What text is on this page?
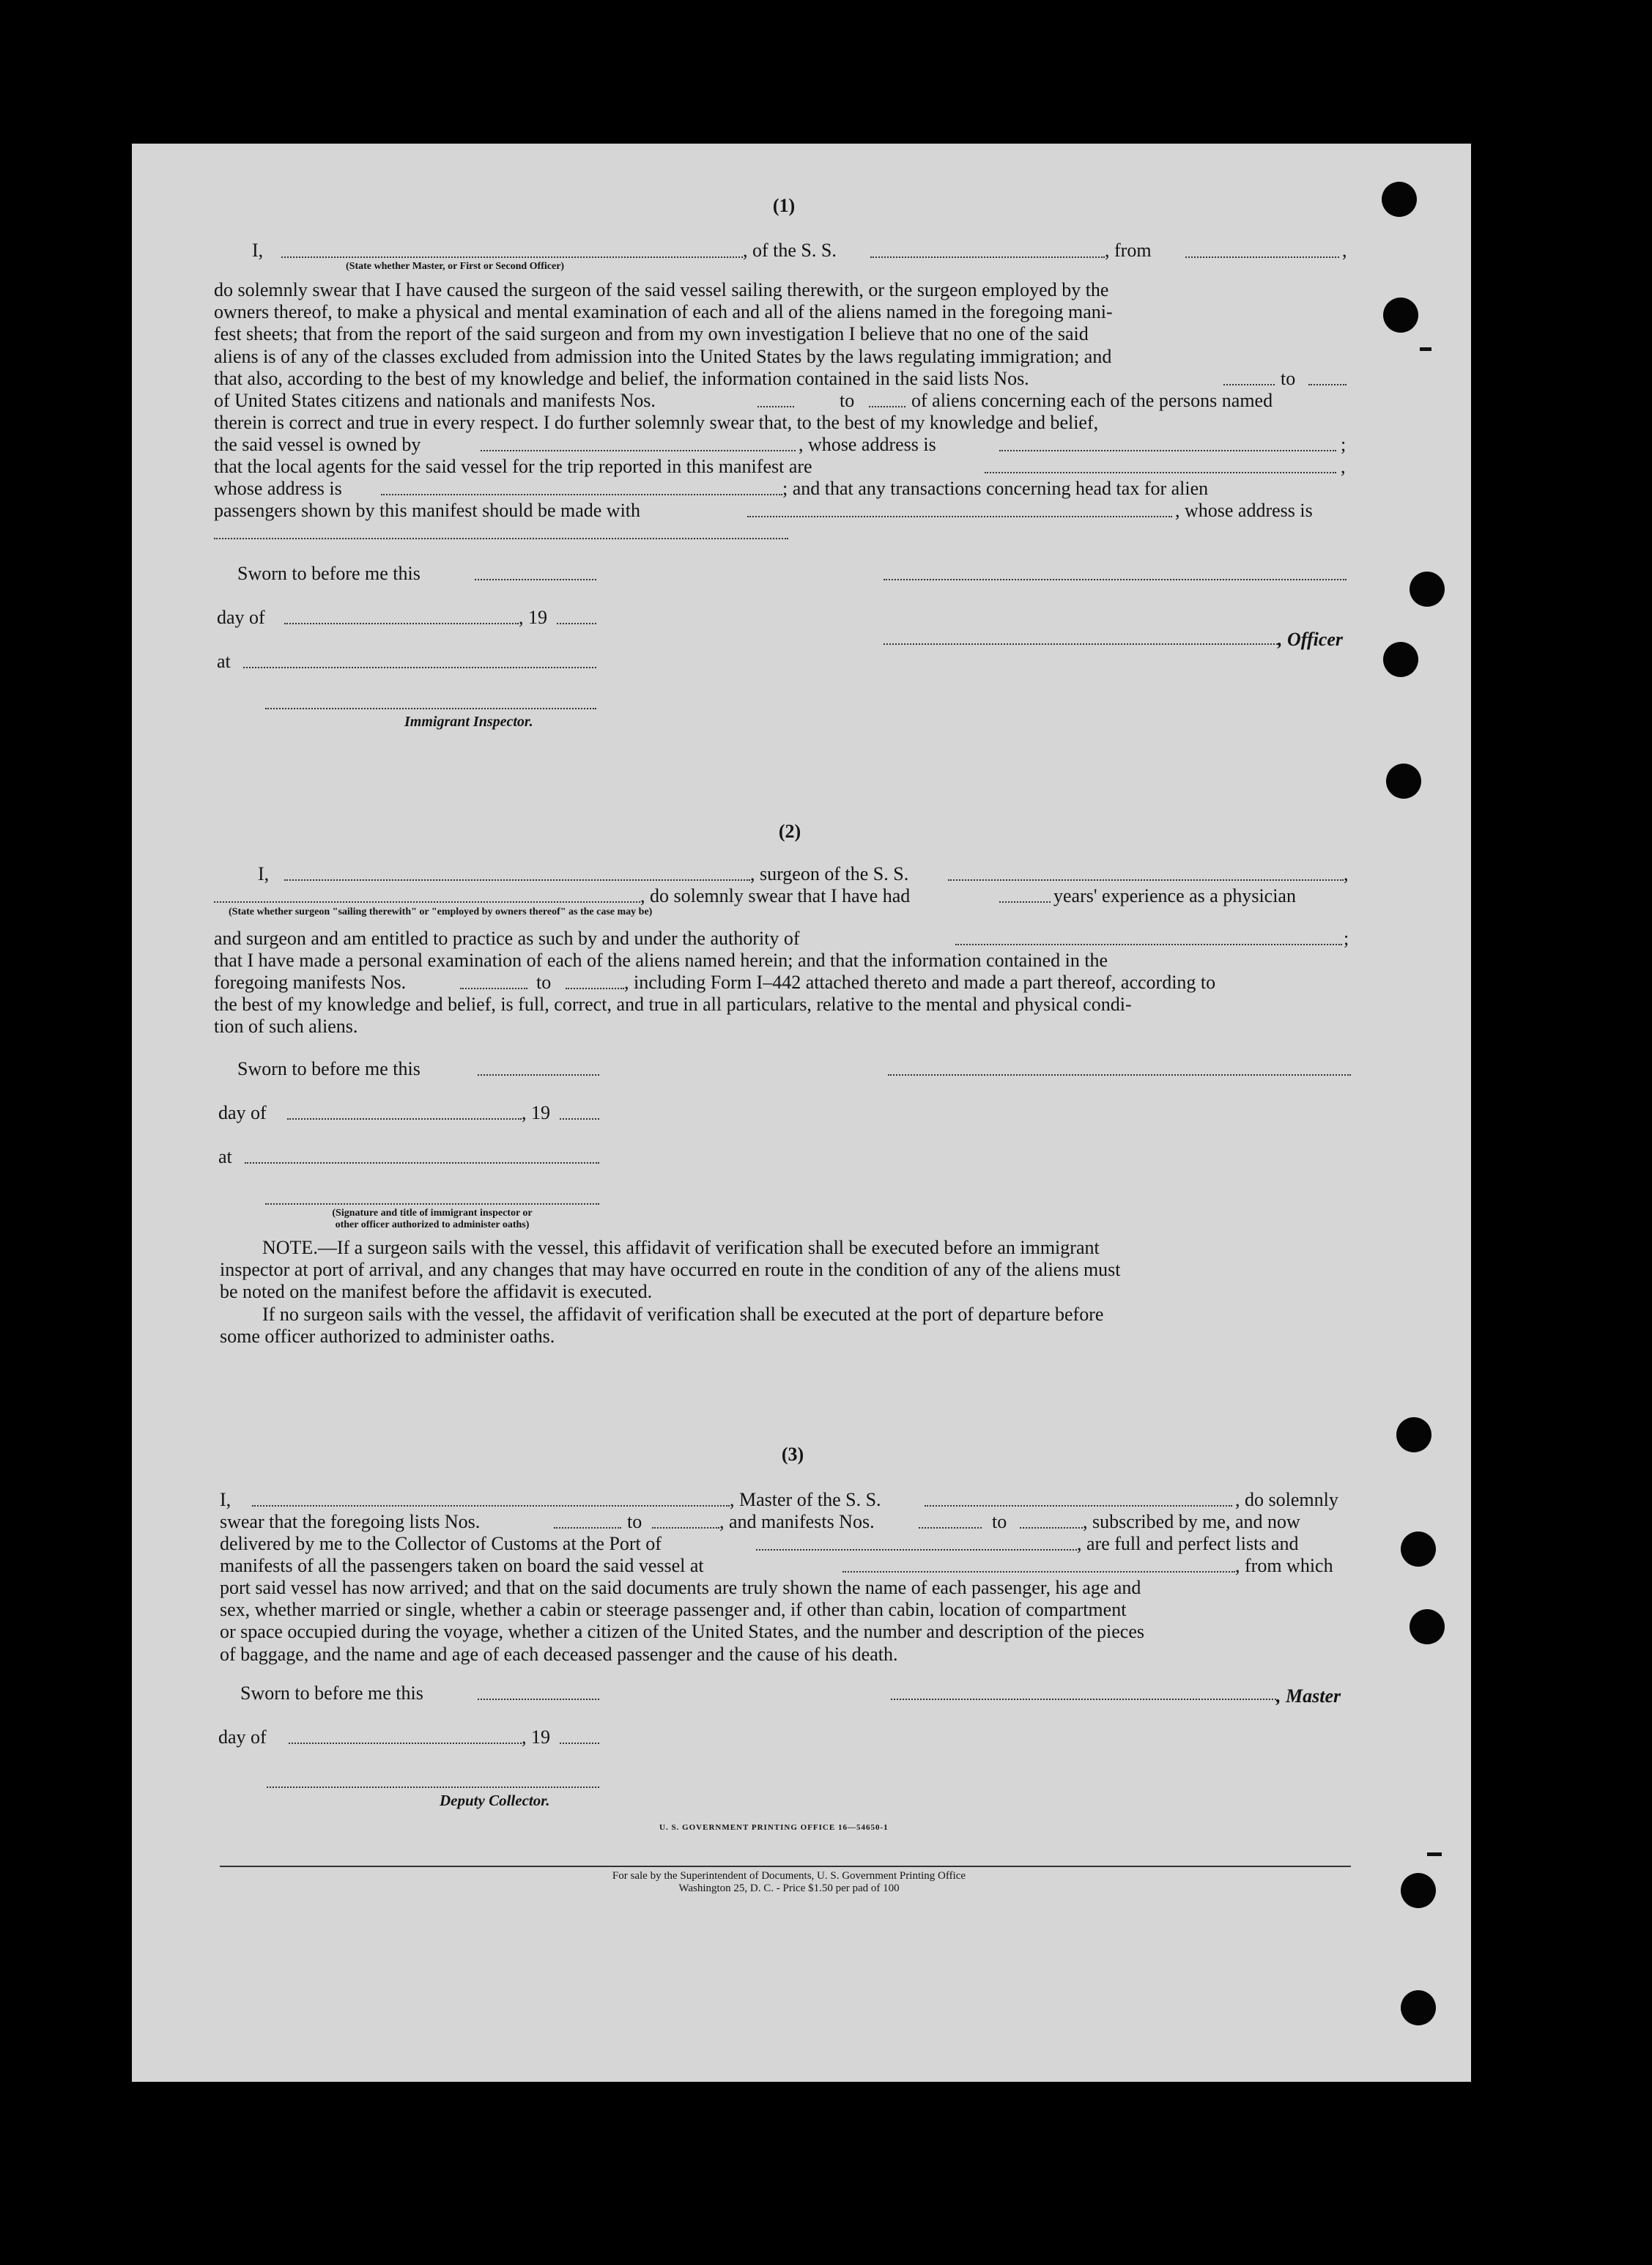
(1)
I,	, of the S. S.	, from	,
(State whether Master, or First or Second Officer)
do solemnly swear that I have caused the surgeon of the said vessel sailing therewith, or the surgeon employed by the
owners thereof, to make a physical and mental examination of each and all of the aliens named in the foregoing mani-
fest sheets; that from the report of the said surgeon and from my own investigation I believe that no one of the said
aliens is of any of the classes excluded from admission into the United States by the laws regulating immigration; and
that also, according to the best of my knowledge and belief, the information contained in the said lists Nos.	to
of United States citizens and nationals and manifests Nos.	to	of aliens concerning each of the persons named
therein is correct and true in every respect. I do further solemnly swear that, to the best of my knowledge and belief,
the said vessel is owned by	, whose address is	;
that the local agents for the said vessel for the trip reported in this manifest are	,
whose address is	; and that any transactions concerning head tax for alien
passengers shown by this manifest should be made with	, whose address is
Sworn to before me this
day of	, 19
at
Immigrant Inspector.
, Officer
(2)
I,	, surgeon of the S. S.	,
, do solemnly swear that I have had	years' experience as a physician
(State whether surgeon "sailing therewith" or "employed by owners thereof" as the case may be)
and surgeon and am entitled to practice as such by and under the authority of	;
that I have made a personal examination of each of the aliens named herein; and that the information contained in the
foregoing manifests Nos.	to	, including Form I–442 attached thereto and made a part thereof, according to
the best of my knowledge and belief, is full, correct, and true in all particulars, relative to the mental and physical condi-
tion of such aliens.
Sworn to before me this
day of	, 19
at
(Signature and title of immigrant inspector or
other officer authorized to administer oaths)
NOTE.—If a surgeon sails with the vessel, this affidavit of verification shall be executed before an immigrant
inspector at port of arrival, and any changes that may have occurred en route in the condition of any of the aliens must
be noted on the manifest before the affidavit is executed.
If no surgeon sails with the vessel, the affidavit of verification shall be executed at the port of departure before
some officer authorized to administer oaths.
(3)
I,	, Master of the S. S.	, do solemnly
swear that the foregoing lists Nos.	to	, and manifests Nos.	to	, subscribed by me, and now
delivered by me to the Collector of Customs at the Port of	, are full and perfect lists and
manifests of all the passengers taken on board the said vessel at	, from which
port said vessel has now arrived; and that on the said documents are truly shown the name of each passenger, his age and
sex, whether married or single, whether a cabin or steerage passenger and, if other than cabin, location of compartment
or space occupied during the voyage, whether a citizen of the United States, and the number and description of the pieces
of baggage, and the name and age of each deceased passenger and the cause of his death.
Sworn to before me this	, Master
day of	, 19
Deputy Collector.
U. S. GOVERNMENT PRINTING OFFICE 16—54650-1
For sale by the Superintendent of Documents, U. S. Government Printing Office
Washington 25, D. C. - Price $1.50 per pad of 100
